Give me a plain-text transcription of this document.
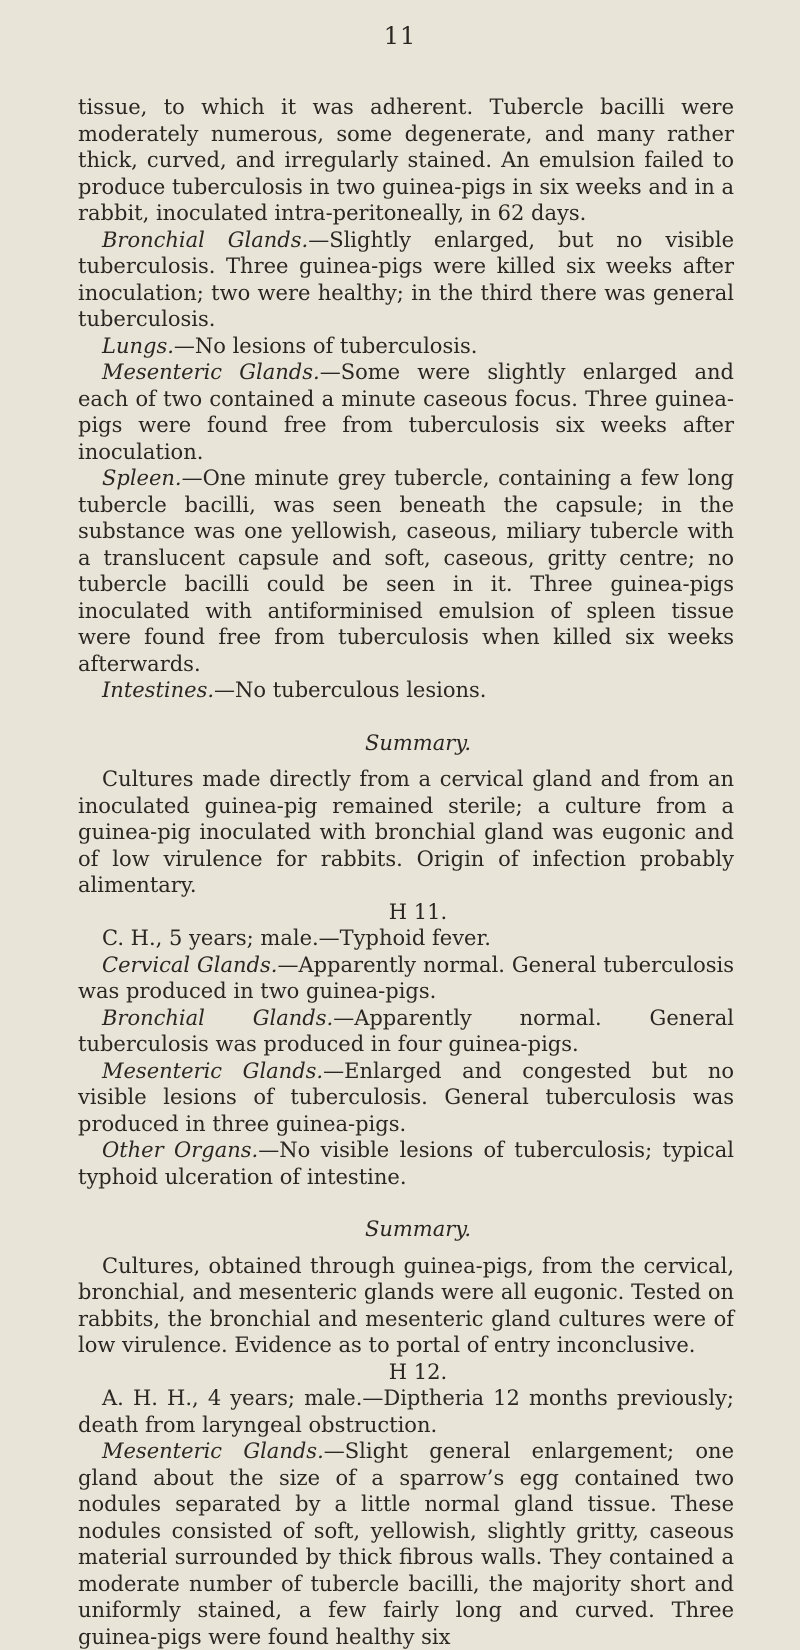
11

tissue, to which it was adherent. Tubercle bacilli were moderately numerous, some degenerate, and many rather thick, curved, and irregularly stained. An emulsion failed to produce tuberculosis in two guinea-pigs in six weeks and in a rabbit, inoculated intra-peritoneally, in 62 days.

Bronchial Glands.—Slightly enlarged, but no visible tuberculosis. Three guinea-pigs were killed six weeks after inoculation; two were healthy; in the third there was general tuberculosis.

Lungs.—No lesions of tuberculosis.

Mesenteric Glands.—Some were slightly enlarged and each of two contained a minute caseous focus. Three guinea-pigs were found free from tuberculosis six weeks after inoculation.

Spleen.—One minute grey tubercle, containing a few long tubercle bacilli, was seen beneath the capsule; in the substance was one yellowish, caseous, miliary tubercle with a translucent capsule and soft, caseous, gritty centre; no tubercle bacilli could be seen in it. Three guinea-pigs inoculated with antiforminised emulsion of spleen tissue were found free from tuberculosis when killed six weeks afterwards.

Intestines.—No tuberculous lesions.

Summary.

Cultures made directly from a cervical gland and from an inoculated guinea-pig remained sterile; a culture from a guinea-pig inoculated with bronchial gland was eugonic and of low virulence for rabbits. Origin of infection probably alimentary.

H 11.

C. H., 5 years; male.—Typhoid fever.

Cervical Glands.—Apparently normal. General tuberculosis was produced in two guinea-pigs.

Bronchial Glands.—Apparently normal. General tuberculosis was produced in four guinea-pigs.

Mesenteric Glands.—Enlarged and congested but no visible lesions of tuberculosis. General tuberculosis was produced in three guinea-pigs.

Other Organs.—No visible lesions of tuberculosis; typical typhoid ulceration of intestine.

Summary.

Cultures, obtained through guinea-pigs, from the cervical, bronchial, and mesenteric glands were all eugonic. Tested on rabbits, the bronchial and mesenteric gland cultures were of low virulence. Evidence as to portal of entry inconclusive.

H 12.

A. H. H., 4 years; male.—Diptheria 12 months previously; death from laryngeal obstruction.

Mesenteric Glands.—Slight general enlargement; one gland about the size of a sparrow’s egg contained two nodules separated by a little normal gland tissue. These nodules consisted of soft, yellowish, slightly gritty, caseous material surrounded by thick fibrous walls. They contained a moderate number of tubercle bacilli, the majority short and uniformly stained, a few fairly long and curved. Three guinea-pigs were found healthy six
